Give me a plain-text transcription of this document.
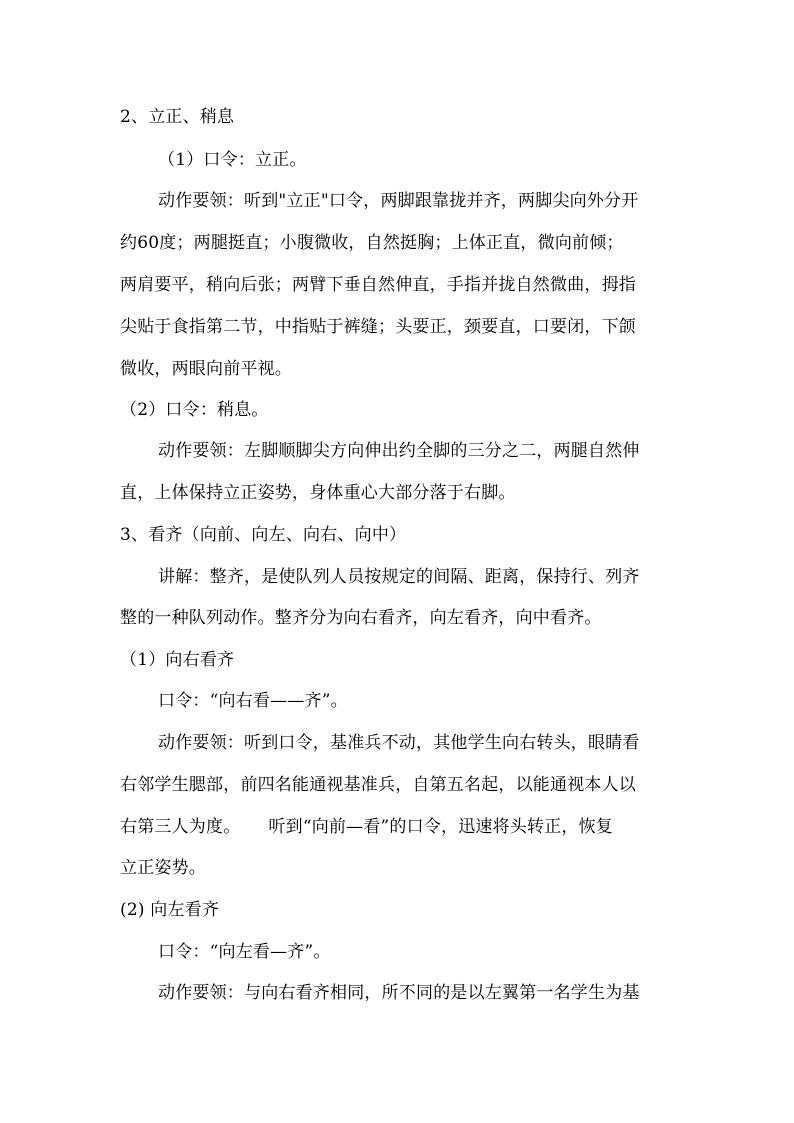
2、立正、稍息
（1）口令：立正。
动作要领：听到"立正"口令，两脚跟靠拢并齐，两脚尖向外分开
约60度；两腿挺直；小腹微收，自然挺胸；上体正直，微向前倾；
两肩要平，稍向后张；两臂下垂自然伸直，手指并拢自然微曲，拇指
尖贴于食指第二节，中指贴于裤缝；头要正，颈要直，口要闭，下颌
微收，两眼向前平视。
（2）口令：稍息。
动作要领：左脚顺脚尖方向伸出约全脚的三分之二，两腿自然伸
直，上体保持立正姿势，身体重心大部分落于右脚。
3、看齐（向前、向左、向右、向中）
讲解：整齐，是使队列人员按规定的间隔、距离，保持行、列齐
整的一种队列动作。整齐分为向右看齐，向左看齐，向中看齐。
（1）向右看齐
口令：“向右看——齐”。
动作要领：听到口令，基准兵不动，其他学生向右转头，眼睛看
右邻学生腮部，前四名能通视基准兵，自第五名起，以能通视本人以
右第三人为度。     听到“向前—看”的口令，迅速将头转正，恢复
立正姿势。
(2) 向左看齐
口令：“向左看—齐”。
动作要领：与向右看齐相同，所不同的是以左翼第一名学生为基
